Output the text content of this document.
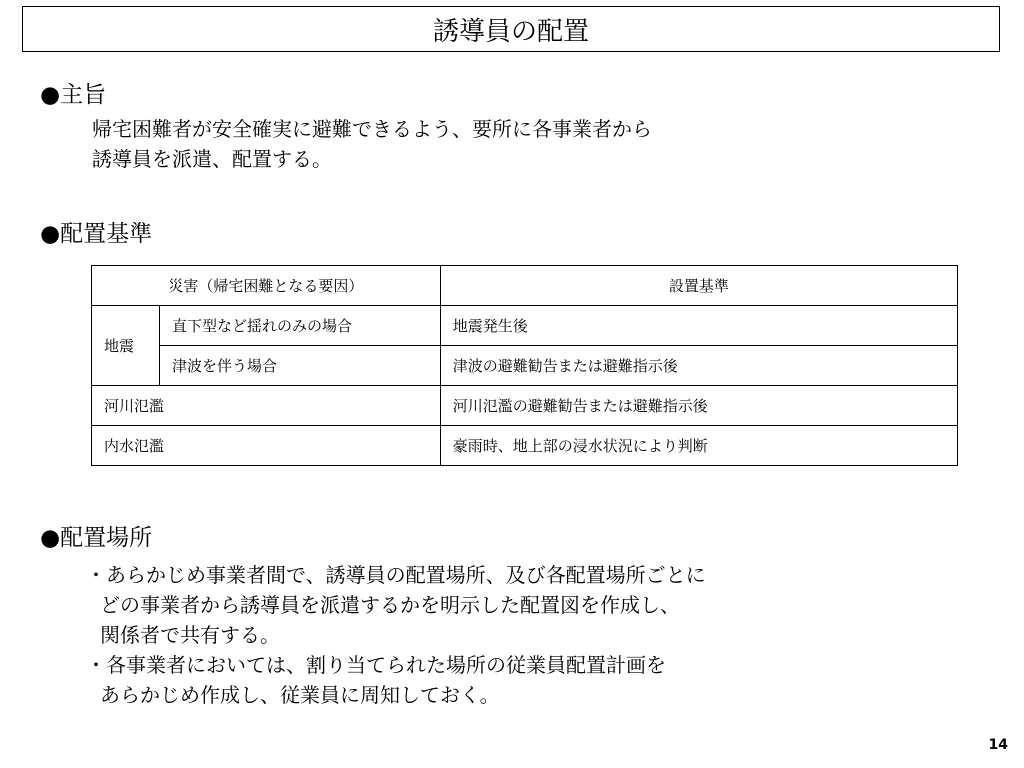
誘導員の配置
●主旨
帰宅困難者が安全確実に避難できるよう、要所に各事業者から
誘導員を派遣、配置する。
●配置基準
災害（帰宅困難となる要因）		設置基準
地震	直下型など揺れのみの場合	地震発生後
	津波を伴う場合	津波の避難勧告または避難指示後
河川氾濫		河川氾濫の避難勧告または避難指示後
内水氾濫		豪雨時、地上部の浸水状況により判断
●配置場所
・あらかじめ事業者間で、誘導員の配置場所、及び各配置場所ごとに
どの事業者から誘導員を派遣するかを明示した配置図を作成し、
関係者で共有する。
・各事業者においては、割り当てられた場所の従業員配置計画を
あらかじめ作成し、従業員に周知しておく。
14
